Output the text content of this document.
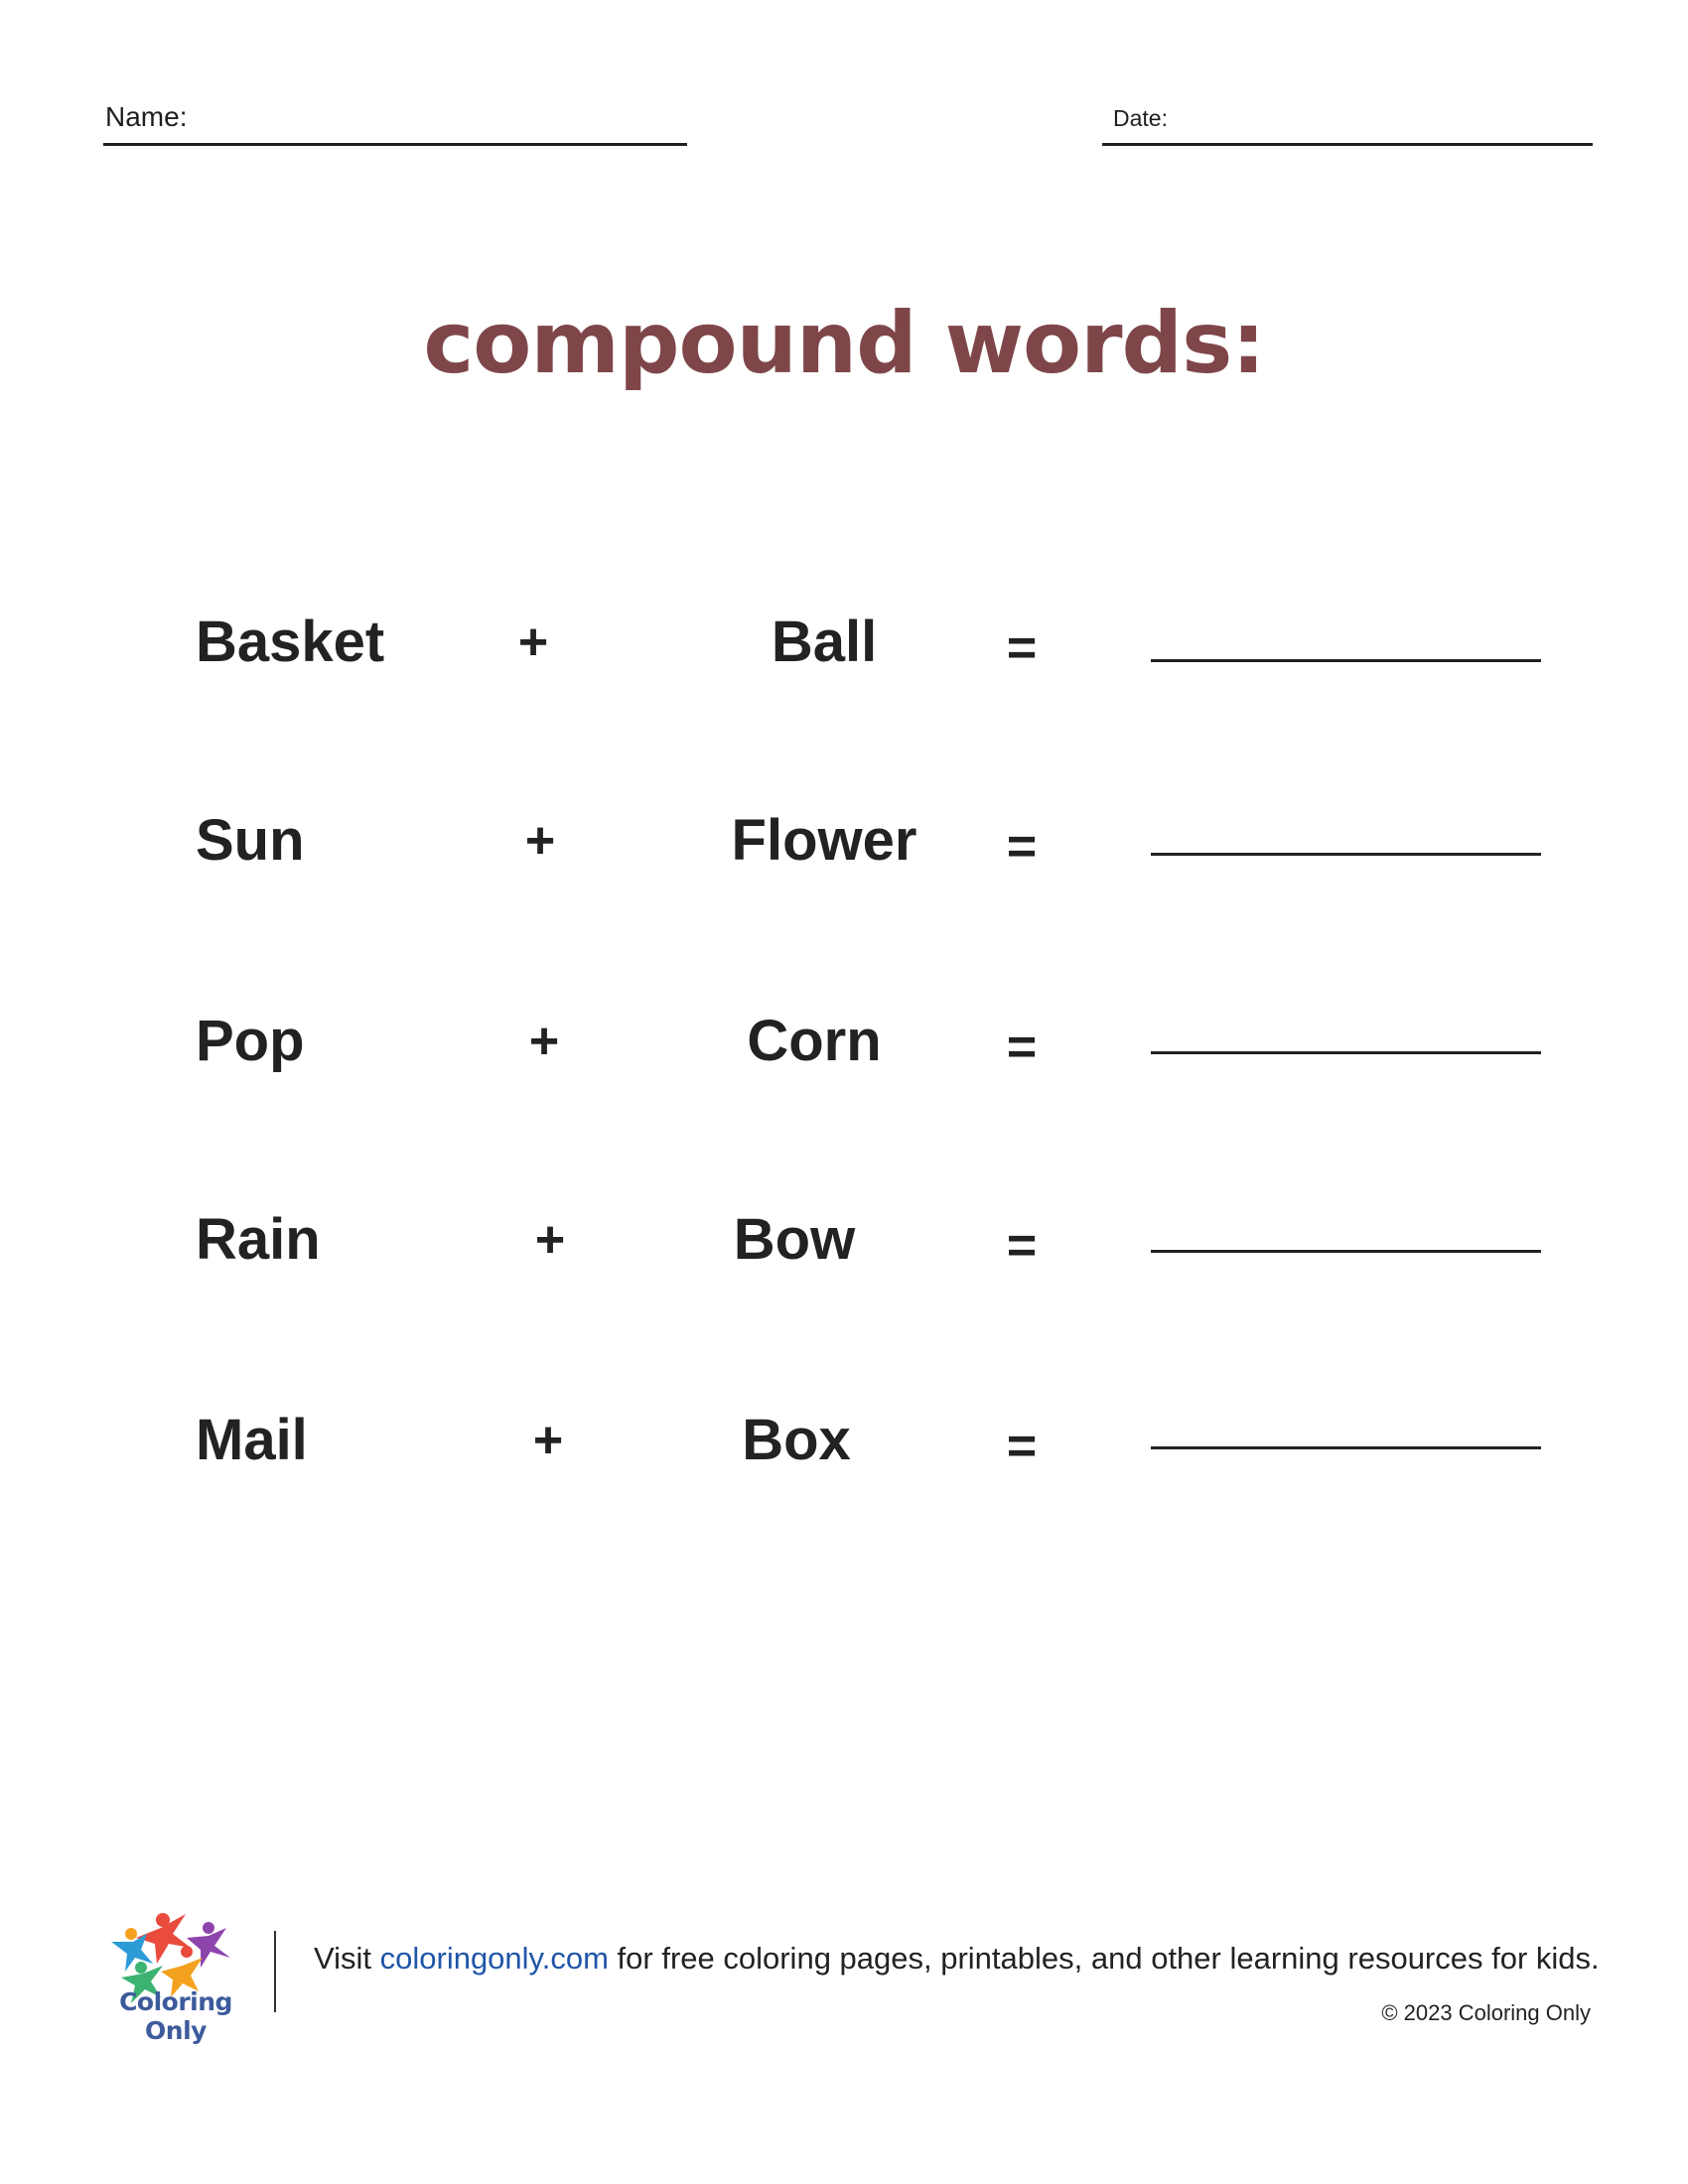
Name:	Date:
compound words:
Basket	+	Ball	=
Sun	+	Flower	=
Pop	+	Corn	=
Rain	+	Bow	=
Mail	+	Box	=
Coloring Only
Visit coloringonly.com for free coloring pages, printables, and other learning resources for kids.
© 2023 Coloring Only
